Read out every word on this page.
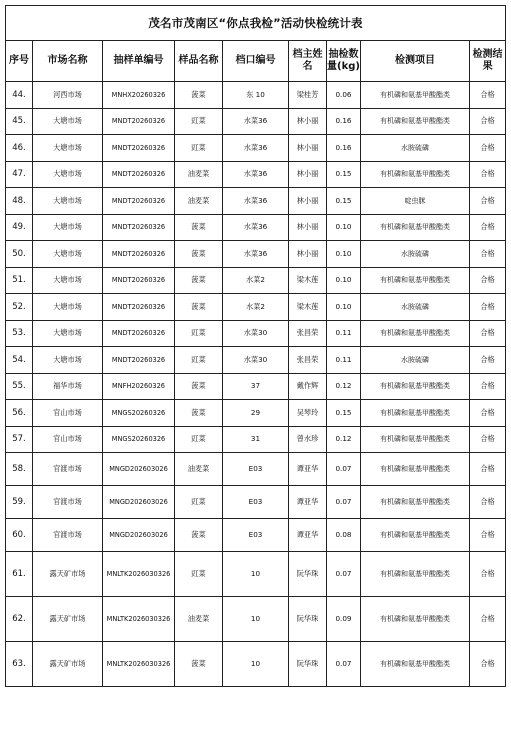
茂名市茂南区“你点我检”活动快检统计表								
序号	市场名称	抽样单编号	样品名称	档口编号	档主姓名	抽检数量(kg)	检测项目	检测结果
44.	河西市场	MNHX20260326	菠菜	东 10	梁桂芳	0.06	有机磷和氨基甲酸酯类	合格
45.	大塘市场	MNDT20260326	豇菜	水菜36	林小丽	0.16	有机磷和氨基甲酸酯类	合格
46.	大塘市场	MNDT20260326	豇菜	水菜36	林小丽	0.16	水胺硫磷	合格
47.	大塘市场	MNDT20260326	油麦菜	水菜36	林小丽	0.15	有机磷和氨基甲酸酯类	合格
48.	大塘市场	MNDT20260326	油麦菜	水菜36	林小丽	0.15	啶虫脒	合格
49.	大塘市场	MNDT20260326	菠菜	水菜36	林小丽	0.10	有机磷和氨基甲酸酯类	合格
50.	大塘市场	MNDT20260326	菠菜	水菜36	林小丽	0.10	水胺硫磷	合格
51.	大塘市场	MNDT20260326	菠菜	水菜2	梁木莲	0.10	有机磷和氨基甲酸酯类	合格
52.	大塘市场	MNDT20260326	菠菜	水菜2	梁木莲	0.10	水胺硫磷	合格
53.	大塘市场	MNDT20260326	豇菜	水菜30	张昌荣	0.11	有机磷和氨基甲酸酯类	合格
54.	大塘市场	MNDT20260326	豇菜	水菜30	张昌荣	0.11	水胺硫磷	合格
55.	福华市场	MNFH20260326	菠菜	37	戴作辉	0.12	有机磷和氨基甲酸酯类	合格
56.	官山市场	MNGS20260326	菠菜	29	吴琴玲	0.15	有机磷和氨基甲酸酯类	合格
57.	官山市场	MNGS20260326	豇菜	31	曾水珍	0.12	有机磷和氨基甲酸酯类	合格
58.	官渡市场	MNGD202603026	油麦菜	E03	谭亚华	0.07	有机磷和氨基甲酸酯类	合格
59.	官渡市场	MNGD202603026	豇菜	E03	谭亚华	0.07	有机磷和氨基甲酸酯类	合格
60.	官渡市场	MNGD202603026	菠菜	E03	谭亚华	0.08	有机磷和氨基甲酸酯类	合格
61.	露天矿市场	MNLTK2026030326	豇菜	10	阮华珠	0.07	有机磷和氨基甲酸酯类	合格
62.	露天矿市场	MNLTK2026030326	油麦菜	10	阮华珠	0.09	有机磷和氨基甲酸酯类	合格
63.	露天矿市场	MNLTK2026030326	菠菜	10	阮华珠	0.07	有机磷和氨基甲酸酯类	合格
